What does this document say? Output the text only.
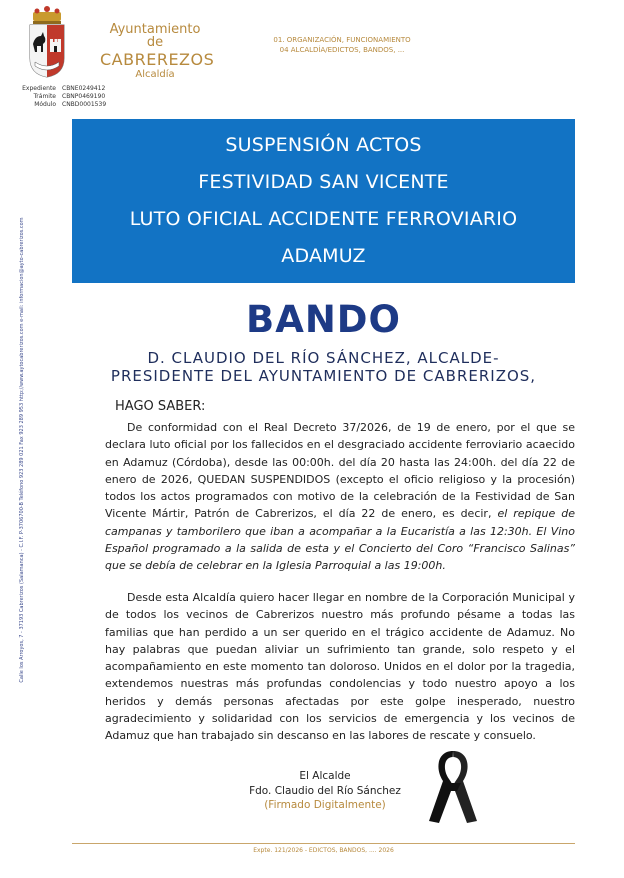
Ayuntamiento de
CABREREZOS
Alcaldía
01. ORGANIZACIÓN, FUNCIONAMIENTO
04 ALCALDÍA/EDICTOS, BANDOS, ...
Expediente	CBNE0249412
Trámite	CBNP0469190
Módulo	CNBD0001539
Calle los Arroyos, 7 - 37193 Cabrerizos (Salamanca) - C.I.F. P-3706700-B Teléfono 923 289 021 Fax 923 289 953 http://www.aytocabrerizos.com e-mail: informacion@ayto-cabrerizos.com
SUSPENSIÓN ACTOS
FESTIVIDAD SAN VICENTE
LUTO OFICIAL ACCIDENTE FERROVIARIO
ADAMUZ
BANDO
D. CLAUDIO DEL RÍO SÁNCHEZ, ALCALDE-
PRESIDENTE DEL AYUNTAMIENTO DE CABRERIZOS,
HAGO SABER:
De conformidad con el Real Decreto 37/2026, de 19 de enero, por el que se declara luto oficial por los fallecidos en el desgraciado accidente ferroviario acaecido en Adamuz (Córdoba), desde las 00:00h. del día 20 hasta las 24:00h. del día 22 de enero de 2026, QUEDAN SUSPENDIDOS (excepto el oficio religioso y la procesión) todos los actos programados con motivo de la celebración de la Festividad de San Vicente Mártir, Patrón de Cabrerizos, el día 22 de enero, es decir, el repique de campanas y tamborilero que iban a acompañar a la Eucaristía a las 12:30h. El Vino Español programado a la salida de esta y el Concierto del Coro “Francisco Salinas” que se debía de celebrar en la Iglesia Parroquial a las 19:00h.
Desde esta Alcaldía quiero hacer llegar en nombre de la Corporación Municipal y de todos los vecinos de Cabrerizos nuestro más profundo pésame a todas las familias que han perdido a un ser querido en el trágico accidente de Adamuz. No hay palabras que puedan aliviar un sufrimiento tan grande, solo respeto y el acompañamiento en este momento tan doloroso. Unidos en el dolor por la tragedia, extendemos nuestras más profundas condolencias y todo nuestro apoyo a los heridos y demás personas afectadas por este golpe inesperado, nuestro agradecimiento y solidaridad con los servicios de emergencia y los vecinos de Adamuz que han trabajado sin descanso en las labores de rescate y consuelo.
El Alcalde
Fdo. Claudio del Río Sánchez
(Firmado Digitalmente)
Expte. 121/2026 - EDICTOS, BANDOS, .... 2026
